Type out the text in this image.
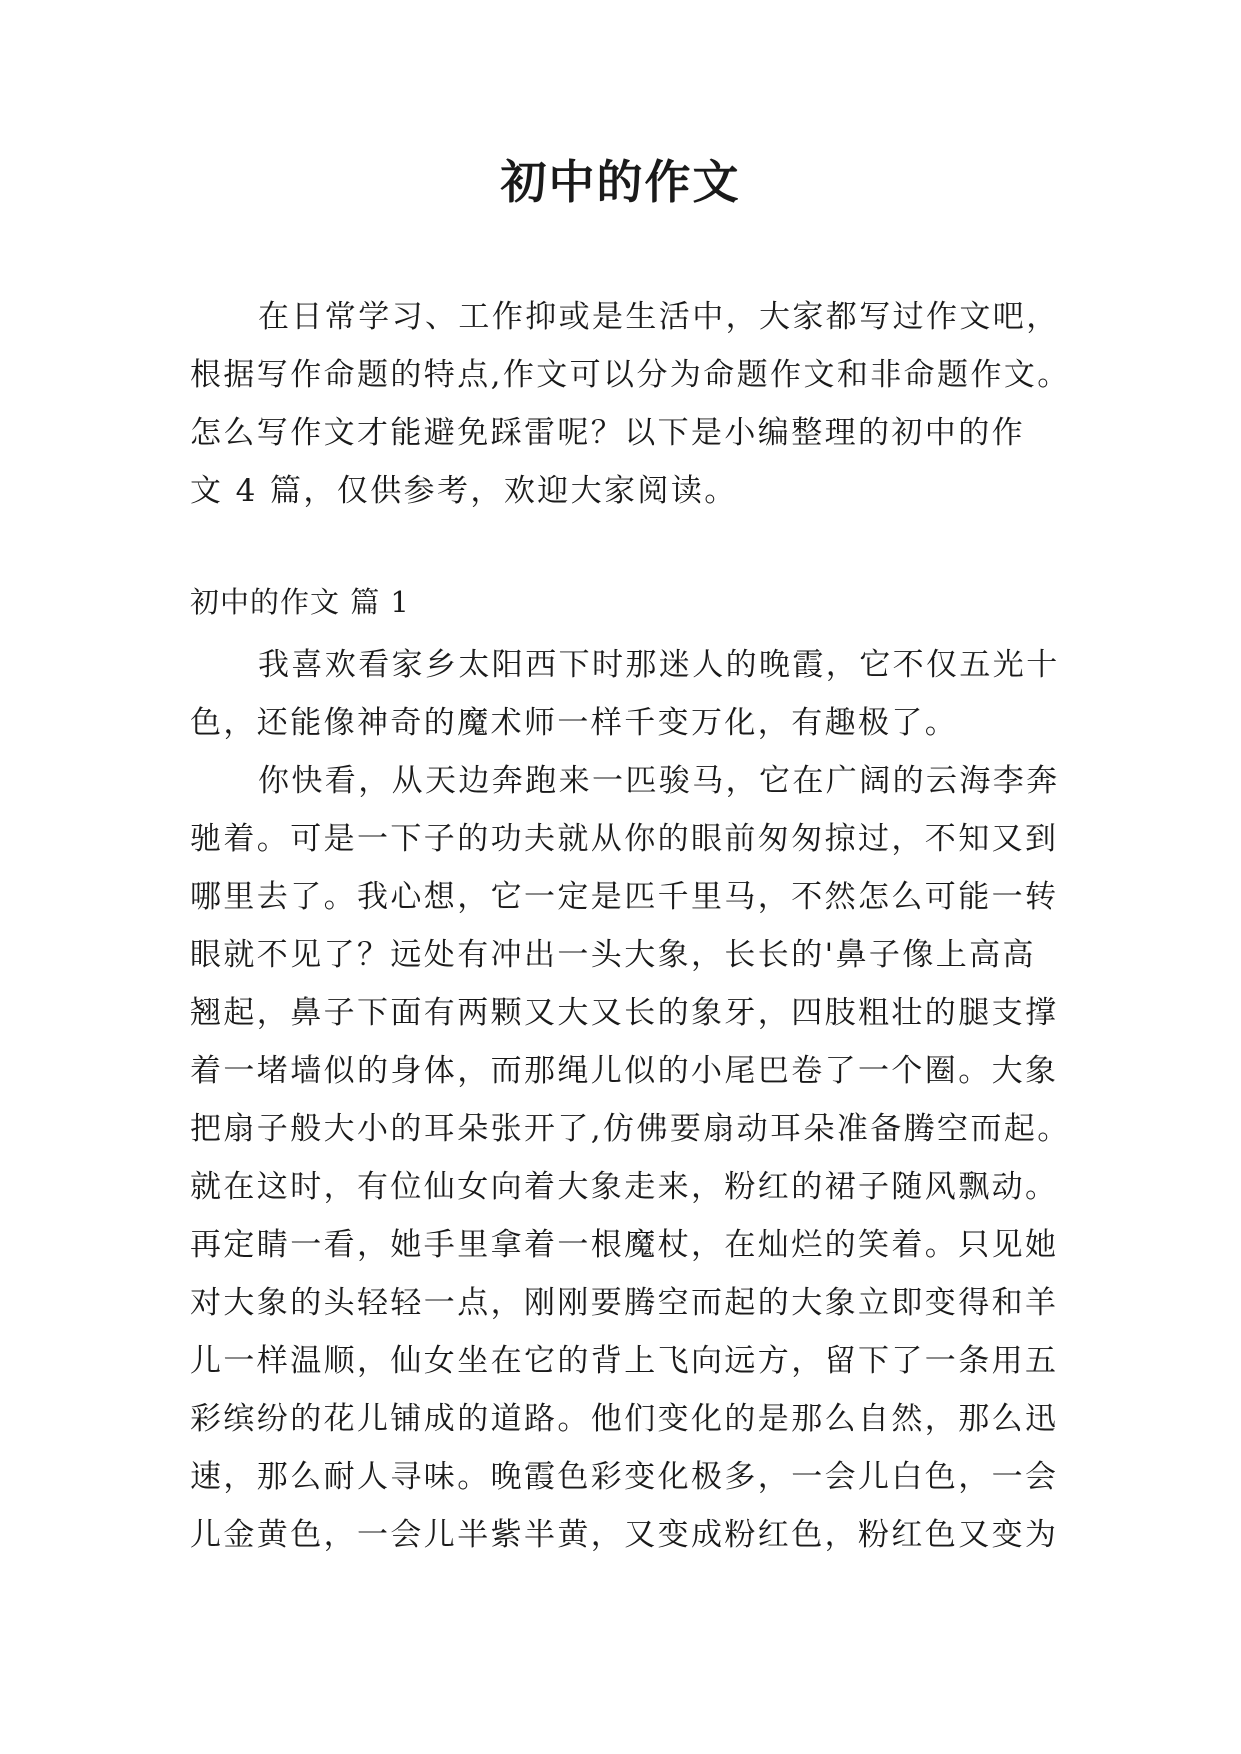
初中的作文
在日常学习、工作抑或是生活中，大家都写过作文吧，
根据写作命题的特点,作文可以分为命题作文和非命题作文。
怎么写作文才能避免踩雷呢？以下是小编整理的初中的作
文 4 篇，仅供参考，欢迎大家阅读。
初中的作文 篇 1
我喜欢看家乡太阳西下时那迷人的晚霞，它不仅五光十
色，还能像神奇的魔术师一样千变万化，有趣极了。
你快看，从天边奔跑来一匹骏马，它在广阔的云海李奔
驰着。可是一下子的功夫就从你的眼前匆匆掠过，不知又到
哪里去了。我心想，它一定是匹千里马，不然怎么可能一转
眼就不见了？远处有冲出一头大象，长长的'鼻子像上高高
翘起，鼻子下面有两颗又大又长的象牙，四肢粗壮的腿支撑
着一堵墙似的身体，而那绳儿似的小尾巴卷了一个圈。大象
把扇子般大小的耳朵张开了,仿佛要扇动耳朵准备腾空而起。
就在这时，有位仙女向着大象走来，粉红的裙子随风飘动。
再定睛一看，她手里拿着一根魔杖，在灿烂的笑着。只见她
对大象的头轻轻一点，刚刚要腾空而起的大象立即变得和羊
儿一样温顺，仙女坐在它的背上飞向远方，留下了一条用五
彩缤纷的花儿铺成的道路。他们变化的是那么自然，那么迅
速，那么耐人寻味。晚霞色彩变化极多，一会儿白色，一会
儿金黄色，一会儿半紫半黄，又变成粉红色，粉红色又变为
